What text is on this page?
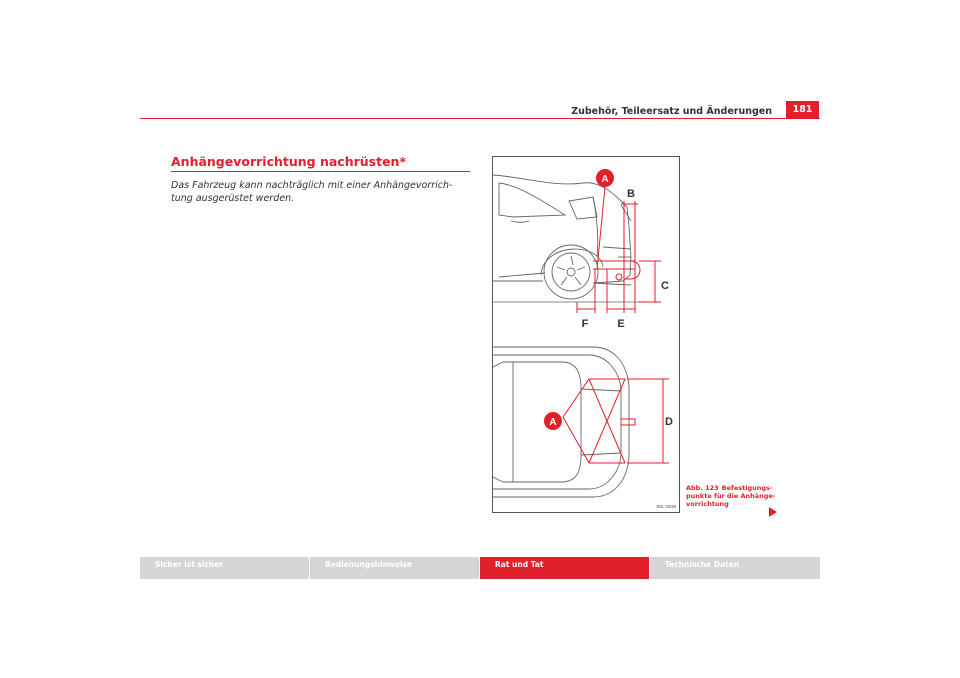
Zubehör, Teileersatz und Änderungen	181
Anhängevorrichtung nachrüsten*
Das Fahrzeug kann nachträglich mit einer Anhängevorrich-
tung ausgerüstet werden.
A
B
C
E
F
A	D
B6L-0039
Abb. 123 Befestigungs-
punkte für die Anhänge-
vorrichtung
Sicher ist sicher	Bedienungshinweise	Rat und Tat	Technische Daten
